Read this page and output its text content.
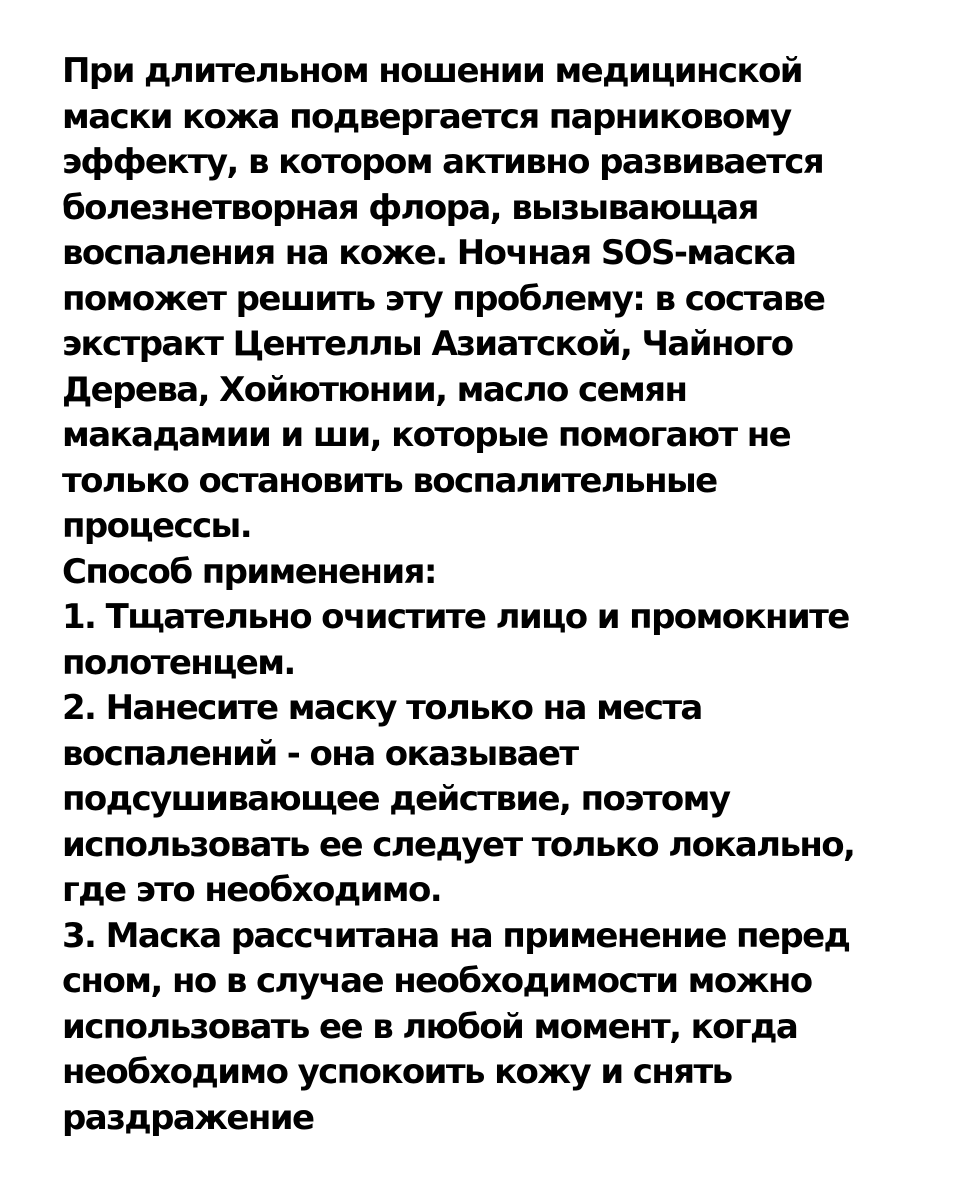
При длительном ношении медицинской
маски кожа подвергается парниковому
эффекту, в котором активно развивается
болезнетворная флора, вызывающая
воспаления на коже. Ночная SOS-маска
поможет решить эту проблему: в составе
экстракт Центеллы Азиатской, Чайного
Дерева, Хойютюнии, масло семян
макадамии и ши, которые помогают не
только остановить воспалительные
процессы.
Способ применения:
1. Тщательно очистите лицо и промокните
полотенцем.
2. Нанесите маску только на места
воспалений - она оказывает
подсушивающее действие, поэтому
использовать ее следует только локально,
где это необходимо.
3. Маска рассчитана на применение перед
сном, но в случае необходимости можно
использовать ее в любой момент, когда
необходимо успокоить кожу и снять
раздражение
